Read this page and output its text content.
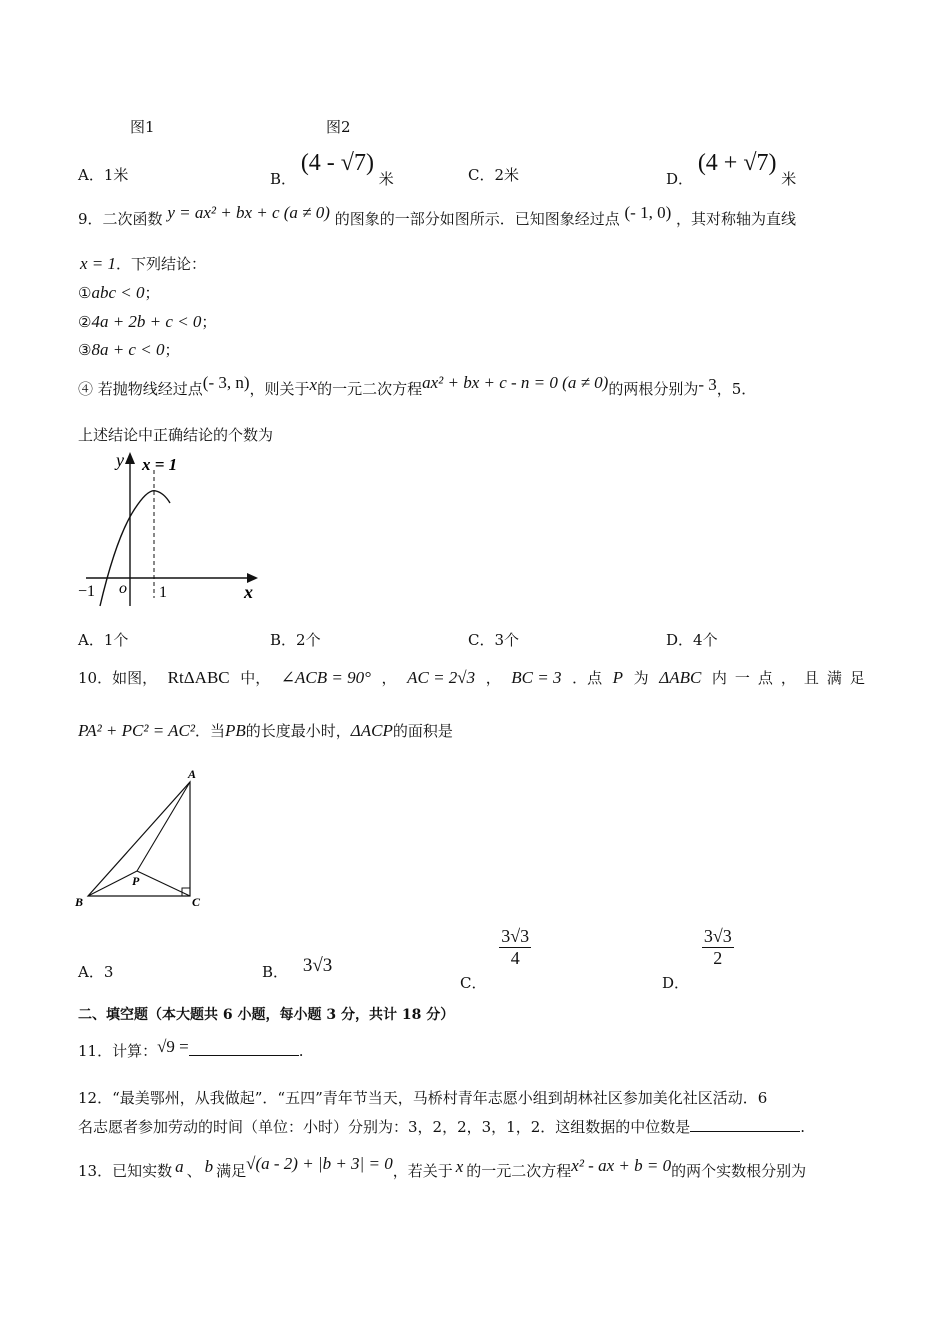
图1	图2
A．1米	B． (4 - √7) 米	C．2米	D． (4 + √7) 米
9．二次函数 y = ax² + bx + c (a ≠ 0) 的图象的一部分如图所示．已知图象经过点 (- 1, 0) ，其对称轴为直线
x = 1．下列结论：
①abc < 0；
②4a + 2b + c < 0；
③8a + c < 0；
④ 若抛物线经过点(- 3, n)，则关于x的一元二次方程ax² + bx + c - n = 0 (a ≠ 0)的两根分别为- 3，5．
上述结论中正确结论的个数为
y x = 1
−1 o 1	x
A．1个	B．2个	C．3个	D．4个
10．如图， RtΔABC 中， ∠ACB = 90° ， AC = 2√3 ， BC = 3 ．点 P 为 ΔABC 内一点，且满足
PA² + PC² = AC²．当PB的长度最小时，ΔACP的面积是
A
B	C
P
A．3	B． 3√3
C．
$\frac{3√3}{4}$
D．
$\frac{3√3}{2}$
二、填空题（本大题共 6 小题，每小题 3 分，共计 18 分）
11．计算：√9 =	.
12．“最美鄂州，从我做起”．“五四”青年节当天，马桥村青年志愿小组到胡林社区参加美化社区活动．6
名志愿者参加劳动的时间（单位：小时）分别为：3，2，2，3，1，2．这组数据的中位数是	.
13．已知实数 a 、 b 满足√(a - 2) + |b + 3| = 0，若关于 x 的一元二次方程x² - ax + b = 0的两个实数根分别为
